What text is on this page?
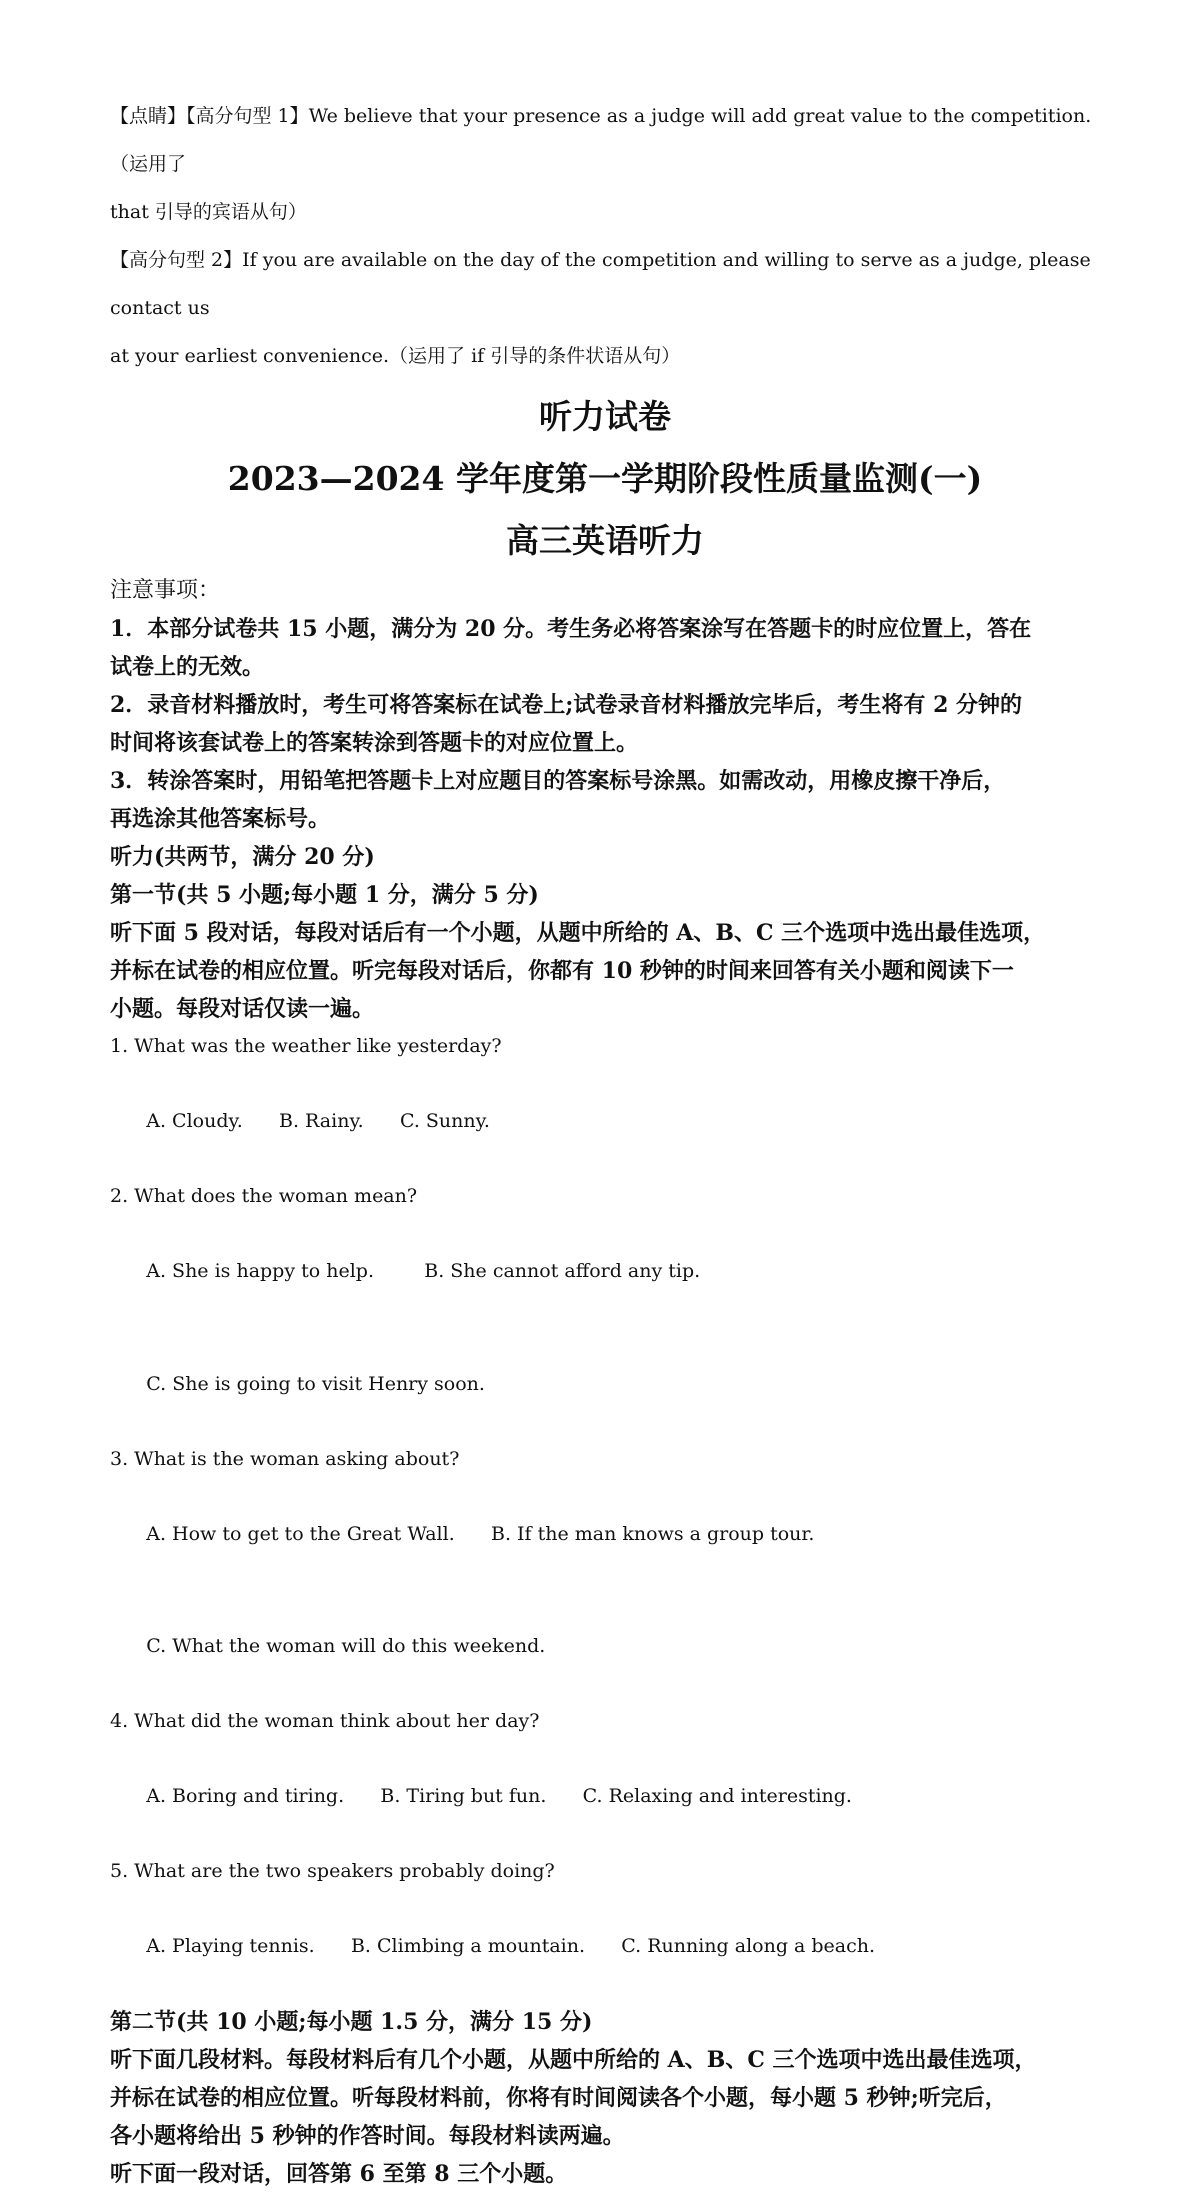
【点睛】【高分句型 1】We believe that your presence as a judge will add great value to the competition.（运用了
that 引导的宾语从句）
【高分句型 2】If you are available on the day of the competition and willing to serve as a judge, please contact us
at your earliest convenience.（运用了 if 引导的条件状语从句）
听力试卷
2023—2024 学年度第一学期阶段性质量监测(一)
高三英语听力
注意事项：
1．本部分试卷共 15 小题，满分为 20 分。考生务必将答案涂写在答题卡的时应位置上，答在
试卷上的无效。
2．录音材料播放时，考生可将答案标在试卷上;试卷录音材料播放完毕后，考生将有 2 分钟的
时间将该套试卷上的答案转涂到答题卡的对应位置上。
3．转涂答案时，用铅笔把答题卡上对应题目的答案标号涂黑。如需改动，用橡皮擦干净后，
再选涂其他答案标号。
听力(共两节，满分 20 分)
第一节(共 5 小题;每小题 1 分，满分 5 分)
听下面 5 段对话，每段对话后有一个小题，从题中所给的 A、B、C 三个选项中选出最佳选项，
并标在试卷的相应位置。听完每段对话后，你都有 10 秒钟的时间来回答有关小题和阅读下一
小题。每段对话仅读一遍。
1. What was the weather like yesterday?

A. Cloudy. B. Rainy. C. Sunny.

2. What does the woman mean?

A. She is happy to help.	B. She cannot afford any tip.

C. She is going to visit Henry soon.

3. What is the woman asking about?

A. How to get to the Great Wall. B. If the man knows a group tour.

C. What the woman will do this weekend.

4. What did the woman think about her day?

A. Boring and tiring. B. Tiring but fun. C. Relaxing and interesting.

5. What are the two speakers probably doing?

A. Playing tennis. B. Climbing a mountain. C. Running along a beach.

第二节(共 10 小题;每小题 1.5 分，满分 15 分)
听下面几段材料。每段材料后有几个小题，从题中所给的 A、B、C 三个选项中选出最佳选项，
并标在试卷的相应位置。听每段材料前，你将有时间阅读各个小题，每小题 5 秒钟;听完后，
各小题将给出 5 秒钟的作答时间。每段材料读两遍。
听下面一段对话，回答第 6 至第 8 三个小题。
